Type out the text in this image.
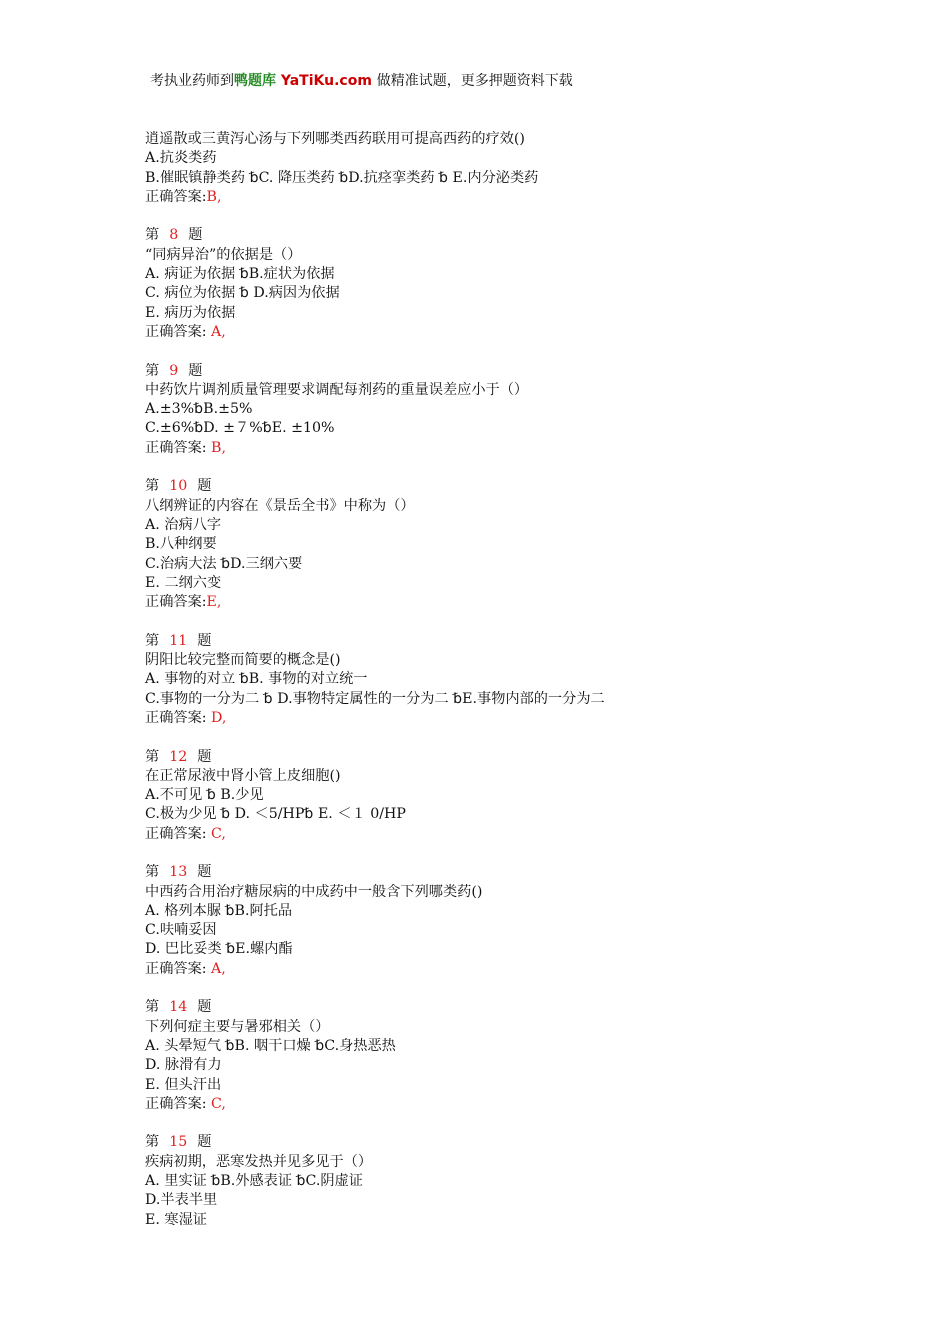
考执业药师到鸭题库 YaTiKu.com 做精准试题，更多押题资料下载
逍遥散或三黄泻心汤与下列哪类西药联用可提高西药的疗效()
A.抗炎类药
B.催眠镇静类药 ␢C. 降压类药 ␢D.抗痉挛类药 ␢ E.内分泌类药
正确答案:B,
第 8 题
“同病异治”的依据是（）
A. 病证为依据 ␢B.症状为依据
C. 病位为依据 ␢ D.病因为依据
E. 病历为依据
正确答案: A,
第 9 题
中药饮片调剂质量管理要求调配每剂药的重量误差应小于（）
A.±3%␢B.±5%
C.±6%␢D. ±７%␢E. ±10%
正确答案: B,
第 10 题
八纲辨证的内容在《景岳全书》中称为（）
A. 治病八字
B.八种纲要
C.治病大法 ␢D.三纲六要
E. 二纲六变
正确答案:E,
第 11 题
阴阳比较完整而简要的概念是()
A. 事物的对立 ␢B. 事物的对立统一
C.事物的一分为二 ␢ D.事物特定属性的一分为二 ␢E.事物内部的一分为二
正确答案: D,
第 12 题
在正常尿液中肾小管上皮细胞()
A.不可见 ␢ B.少见
C.极为少见 ␢ D. ＜5/HP␢ E. ＜１ 0/HP
正确答案: C,
第 13 题
中西药合用治疗糖尿病的中成药中一般含下列哪类药()
A. 格列本脲 ␢B.阿托品
C.呋喃妥因
D. 巴比妥类 ␢E.螺内酯
正确答案: A,
第 14 题
下列何症主要与暑邪相关（）
A. 头晕短气 ␢B. 咽干口燥 ␢C.身热恶热
D. 脉滑有力
E. 但头汗出
正确答案: C,
第 15 题
疾病初期，恶寒发热并见多见于（）
A. 里实证 ␢B.外感表证 ␢C.阴虚证
D.半表半里
E. 寒湿证
